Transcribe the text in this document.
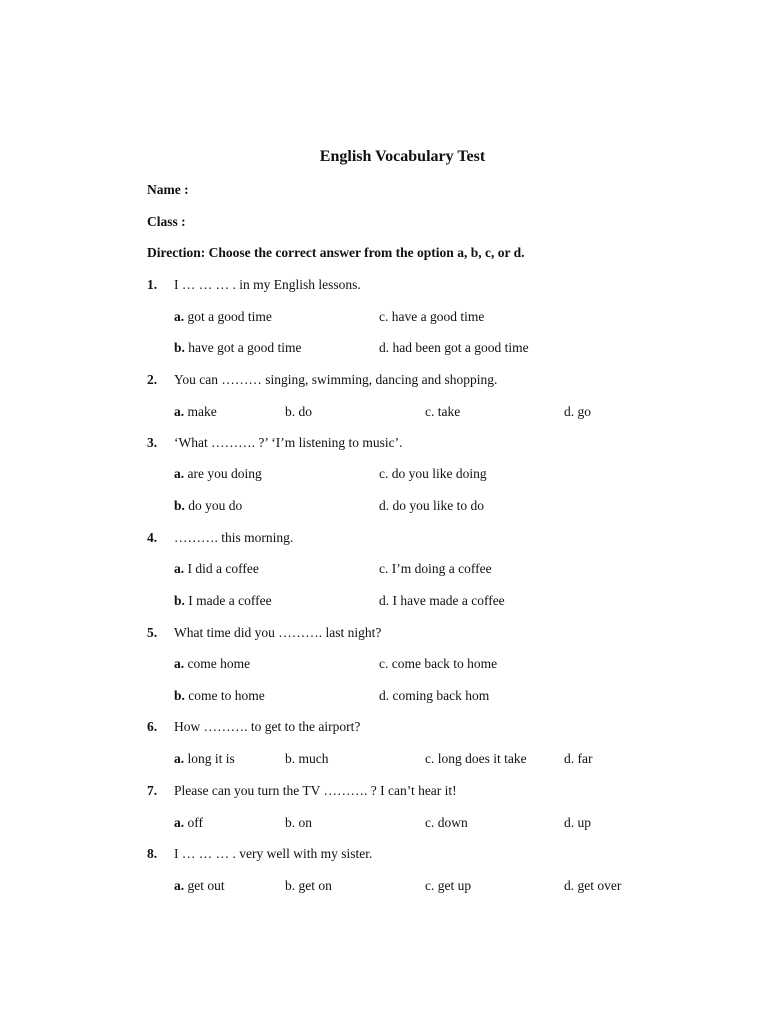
English Vocabulary Test
Name :
Class :
Direction: Choose the correct answer from the option a, b, c, or d.
1. I … … … . in my English lessons.
a. got a good time	c. have a good time
b. have got a good time	d. had been got a good time
2. You can ……… singing, swimming, dancing and shopping.
a. make	b. do	c. take	d. go
3. ‘What ………. ?’ ‘I’m listening to music’.
a. are you doing	c. do you like doing
b. do you do	d. do you like to do
4. ………. this morning.
a. I did a coffee	c. I’m doing a coffee
b. I made a coffee	d. I have made a coffee
5. What time did you ………. last night?
a. come home	c. come back to home
b. come to home	d. coming back hom
6. How ………. to get to the airport?
a. long it is	b. much	c. long does it take	d. far
7. Please can you turn the TV ………. ? I can’t hear it!
a. off	b. on	c. down	d. up
8. I … … … . very well with my sister.
a. get out	b. get on	c. get up	d. get over
